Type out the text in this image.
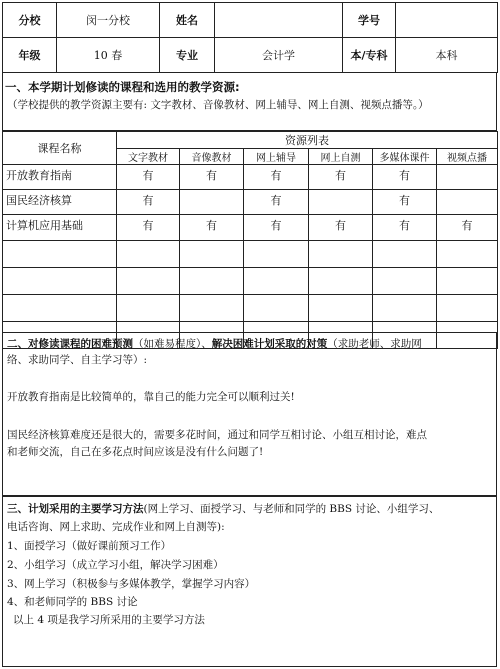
分校	闵一分校	姓名		学号	
年级	10 春	专业	会计学	本/专科	本科

一、本学期计划修读的课程和选用的教学资源:

（学校提供的教学资源主要有: 文字教材、音像教材、网上辅导、网上自测、视频点播等。）

课程名称	资源列表					
	文字教材	音像教材	网上辅导	网上自测	多媒体课件	视频点播
开放教育指南	有	有	有	有	有	
国民经济核算	有		有		有	
计算机应用基础	有	有	有	有	有	有

二、对修读课程的困难预测（如难易程度）、解决困难计划采取的对策（求助老师、求助网

络、求助同学、自主学习等）:

开放教育指南是比较简单的，靠自己的能力完全可以顺利过关!

国民经济核算难度还是很大的，需要多花时间，通过和同学互相讨论、小组互相讨论，难点

和老师交流，自己在多花点时间应该是没有什么问题了!

三、计划采用的主要学习方法(网上学习、面授学习、与老师和同学的 BBS 讨论、小组学习、

电话咨询、网上求助、完成作业和网上自测等):

1、面授学习（做好课前预习工作）

2、小组学习（成立学习小组，解决学习困难）

3、网上学习（积极参与多媒体教学，掌握学习内容）

4、和老师同学的 BBS 讨论

以上 4 项是我学习所采用的主要学习方法
